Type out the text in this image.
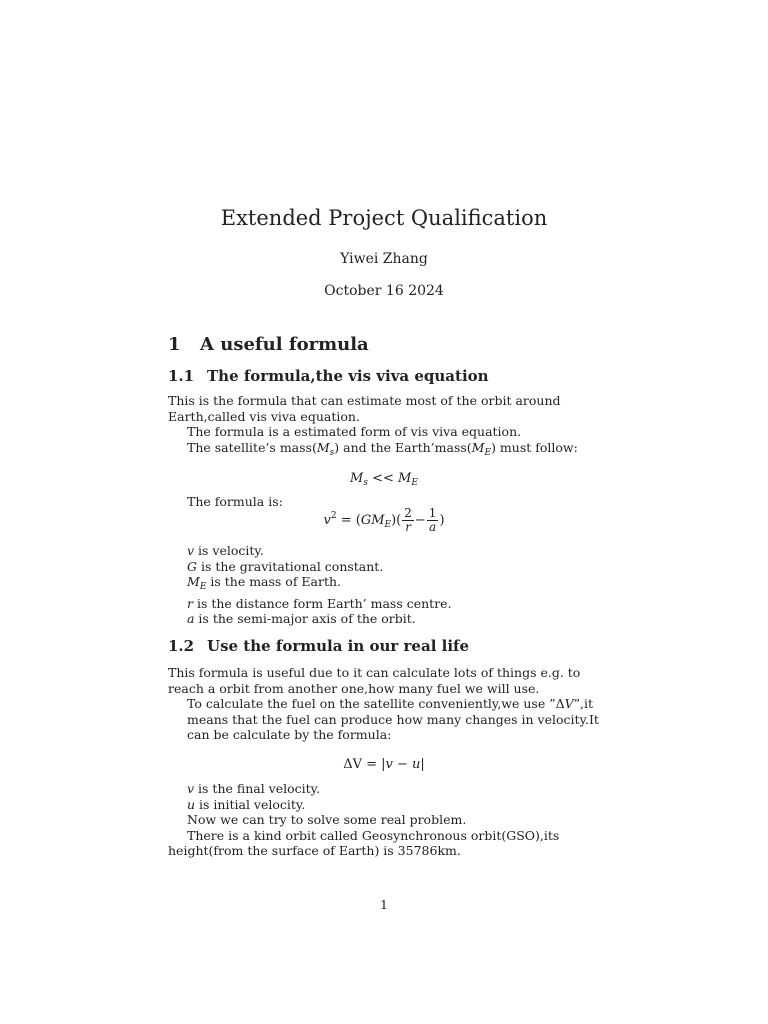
Extended Project Qualification
Yiwei Zhang
October 16 2024
1 A useful formula
1.1 The formula,the vis viva equation
This is the formula that can estimate most of the orbit around Earth,called vis viva equation.
The formula is a estimated form of vis viva equation.
The satellite’s $mass(M_s)$ and the $Earth’mass(M_E)$ must follow:
$M_s << M_E$
The formula is:
$v^2 = (GM_E)( \frac{2}{r} - \frac{1}{a}$ )
v is velocity.
G is the gravitational constant.
$M_E$ is the mass of Earth.
r is the distance form Earth’ mass centre.
a is the semi-major axis of the orbit.
1.2 Use the formula in our real life
This formula is useful due to it can calculate lots of things e.g. to reach a orbit from another one,how many fuel we will use.
To calculate the fuel on the satellite conveniently,we use ”ΔV”,it means that the fuel can produce how many changes in velocity.It can be calculate by the formula:
ΔV = |v − u|
v is the final velocity.
u is initial velocity.
Now we can try to solve some real problem.
There is a kind orbit called Geosynchronous orbit(GSO),its height(from the surface of Earth) is 35786km.
1
